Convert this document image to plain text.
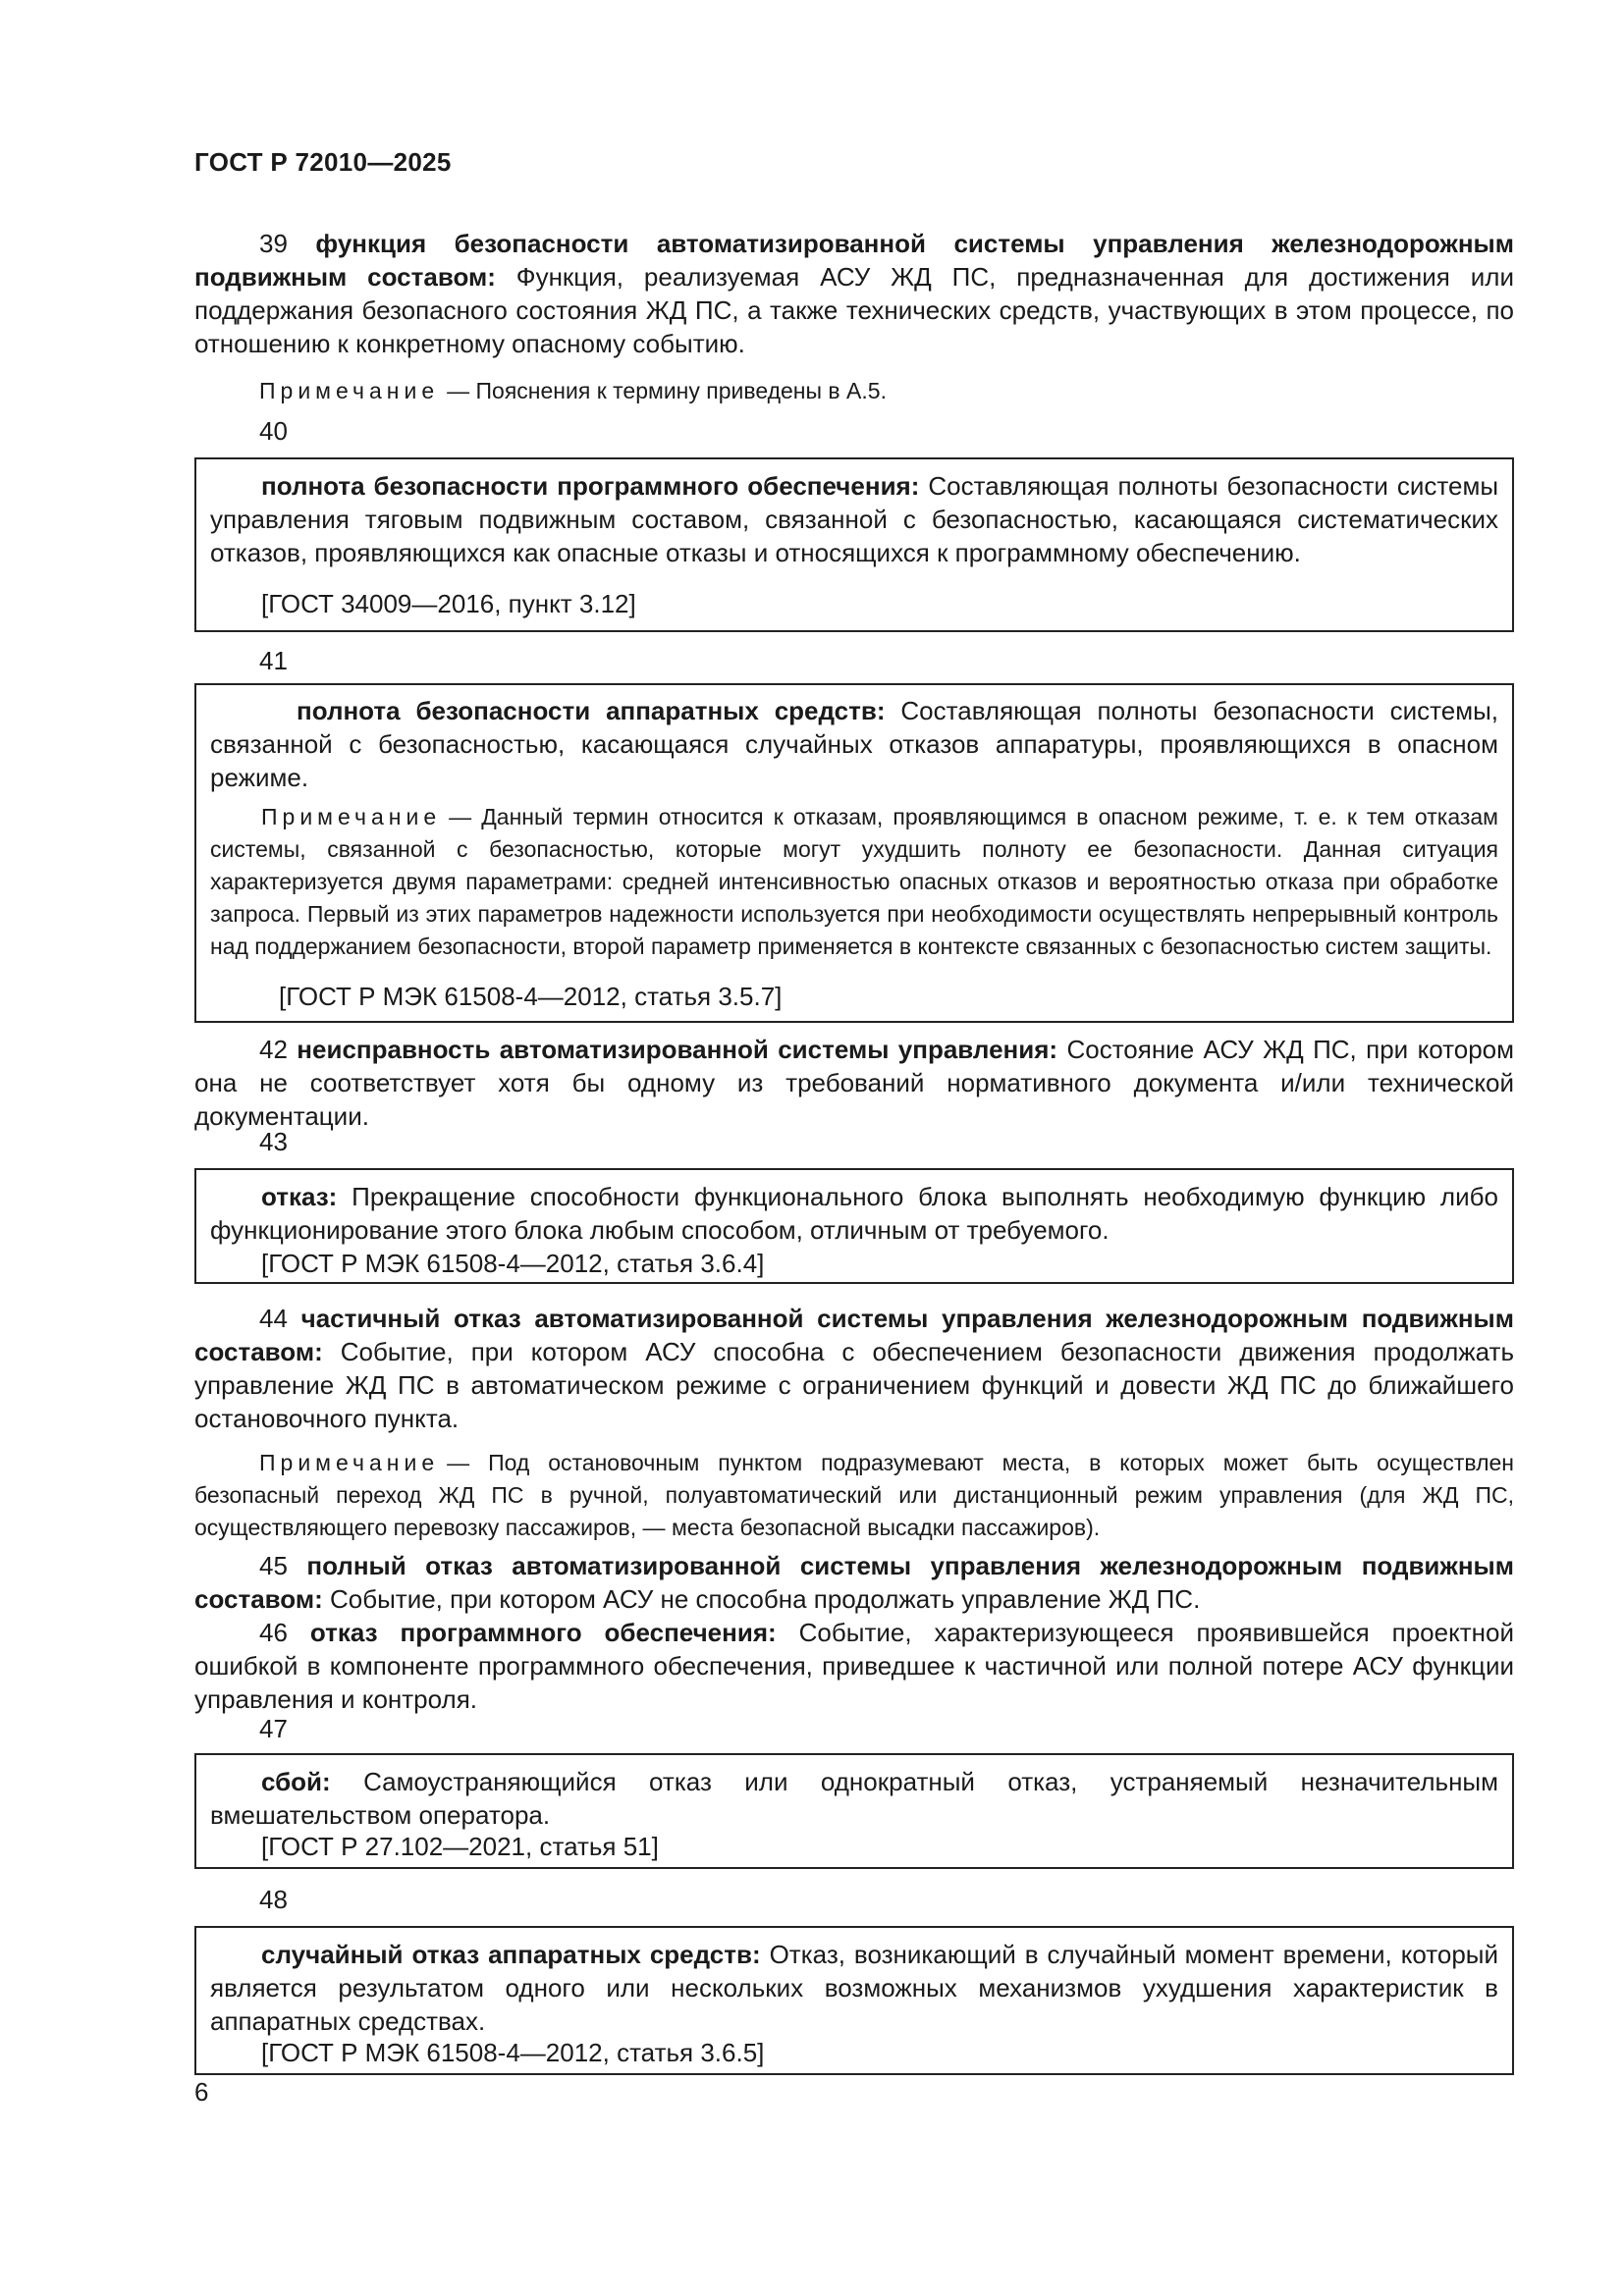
ГОСТ Р 72010—2025
39 функция безопасности автоматизированной системы управления железнодорожным подвижным составом: Функция, реализуемая АСУ ЖД ПС, предназначенная для достижения или поддержания безопасного состояния ЖД ПС, а также технических средств, участвующих в этом процессе, по отношению к конкретному опасному событию.
Примечание — Пояснения к термину приведены в А.5.
40
полнота безопасности программного обеспечения: Составляющая полноты безопасности системы управления тяговым подвижным составом, связанной с безопасностью, касающаяся систематических отказов, проявляющихся как опасные отказы и относящихся к программному обеспечению.
[ГОСТ 34009—2016, пункт 3.12]
41
полнота безопасности аппаратных средств: Составляющая полноты безопасности системы, связанной с безопасностью, касающаяся случайных отказов аппаратуры, проявляющихся в опасном режиме.
Примечание — Данный термин относится к отказам, проявляющимся в опасном режиме, т. е. к тем отказам системы, связанной с безопасностью, которые могут ухудшить полноту ее безопасности. Данная ситуация характеризуется двумя параметрами: средней интенсивностью опасных отказов и вероятностью отказа при обработке запроса. Первый из этих параметров надежности используется при необходимости осуществлять непрерывный контроль над поддержанием безопасности, второй параметр применяется в контексте связанных с безопасностью систем защиты.
[ГОСТ Р МЭК 61508-4—2012, статья 3.5.7]
42 неисправность автоматизированной системы управления: Состояние АСУ ЖД ПС, при котором она не соответствует хотя бы одному из требований нормативного документа и/или технической документации.
43
отказ: Прекращение способности функционального блока выполнять необходимую функцию либо функционирование этого блока любым способом, отличным от требуемого.
[ГОСТ Р МЭК 61508-4—2012, статья 3.6.4]
44 частичный отказ автоматизированной системы управления железнодорожным подвижным составом: Событие, при котором АСУ способна с обеспечением безопасности движения продолжать управление ЖД ПС в автоматическом режиме с ограничением функций и довести ЖД ПС до ближайшего остановочного пункта.
Примечание — Под остановочным пунктом подразумевают места, в которых может быть осуществлен безопасный переход ЖД ПС в ручной, полуавтоматический или дистанционный режим управления (для ЖД ПС, осуществляющего перевозку пассажиров, — места безопасной высадки пассажиров).
45 полный отказ автоматизированной системы управления железнодорожным подвижным составом: Событие, при котором АСУ не способна продолжать управление ЖД ПС.
46 отказ программного обеспечения: Событие, характеризующееся проявившейся проектной ошибкой в компоненте программного обеспечения, приведшее к частичной или полной потере АСУ функции управления и контроля.
47
сбой: Самоустраняющийся отказ или однократный отказ, устраняемый незначительным вмешательством оператора.
[ГОСТ Р 27.102—2021, статья 51]
48
случайный отказ аппаратных средств: Отказ, возникающий в случайный момент времени, который является результатом одного или нескольких возможных механизмов ухудшения характеристик в аппаратных средствах.
[ГОСТ Р МЭК 61508-4—2012, статья 3.6.5]
6
